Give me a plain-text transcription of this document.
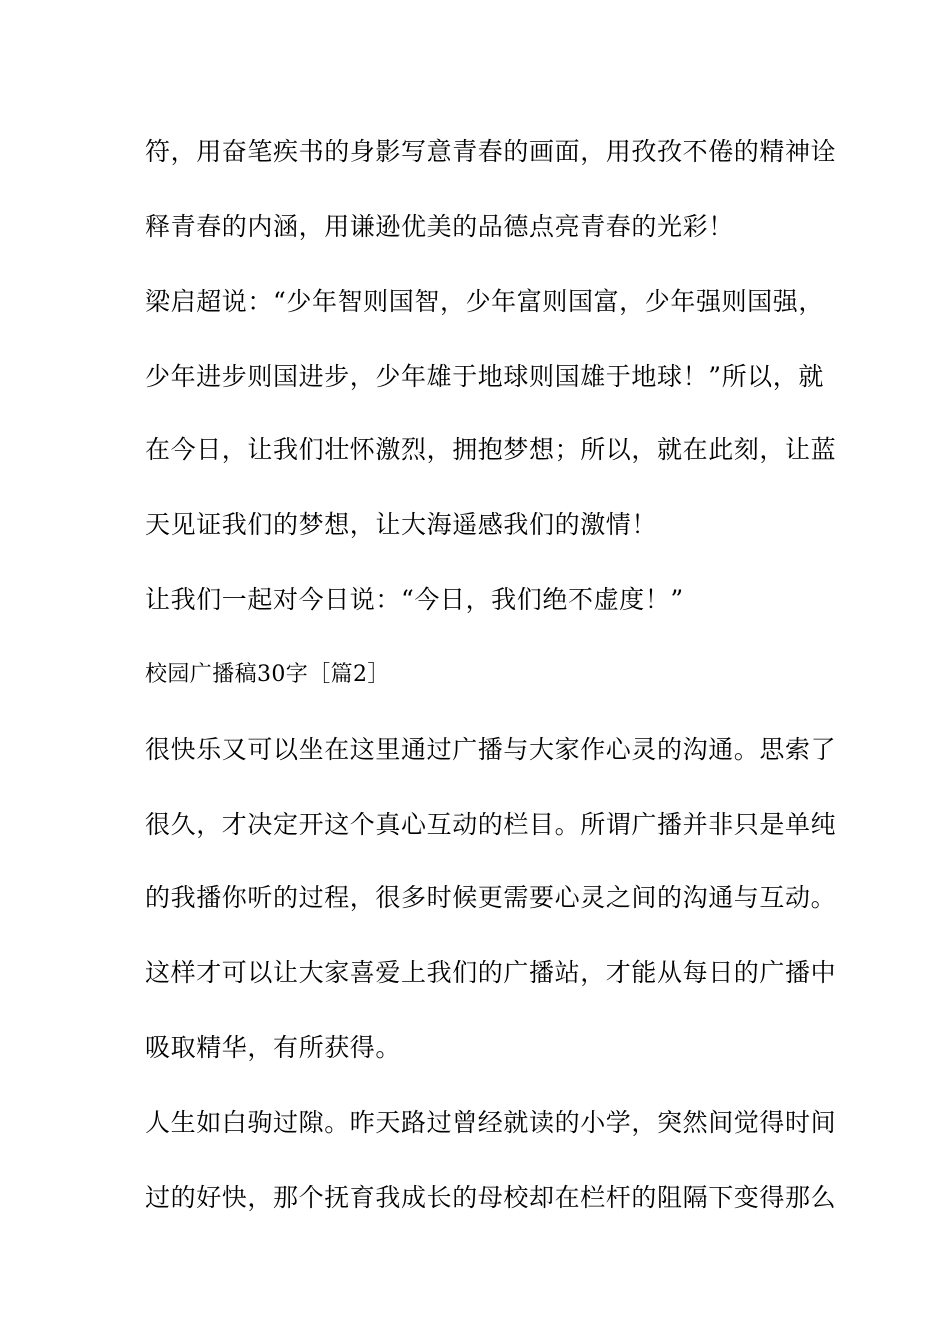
符，用奋笔疾书的身影写意青春的画面，用孜孜不倦的精神诠
释青春的内涵，用谦逊优美的品德点亮青春的光彩！
梁启超说：“少年智则国智，少年富则国富，少年强则国强，
少年进步则国进步，少年雄于地球则国雄于地球！”所以，就
在今日，让我们壮怀激烈，拥抱梦想；所以，就在此刻，让蓝
天见证我们的梦想，让大海遥感我们的激情！
让我们一起对今日说：“今日，我们绝不虚度！”
校园广播稿30字［篇2］
很快乐又可以坐在这里通过广播与大家作心灵的沟通。思索了
很久，才决定开这个真心互动的栏目。所谓广播并非只是单纯
的我播你听的过程，很多时候更需要心灵之间的沟通与互动。
这样才可以让大家喜爱上我们的广播站，才能从每日的广播中
吸取精华，有所获得。
人生如白驹过隙。昨天路过曾经就读的小学，突然间觉得时间
过的好快，那个抚育我成长的母校却在栏杆的阻隔下变得那么
